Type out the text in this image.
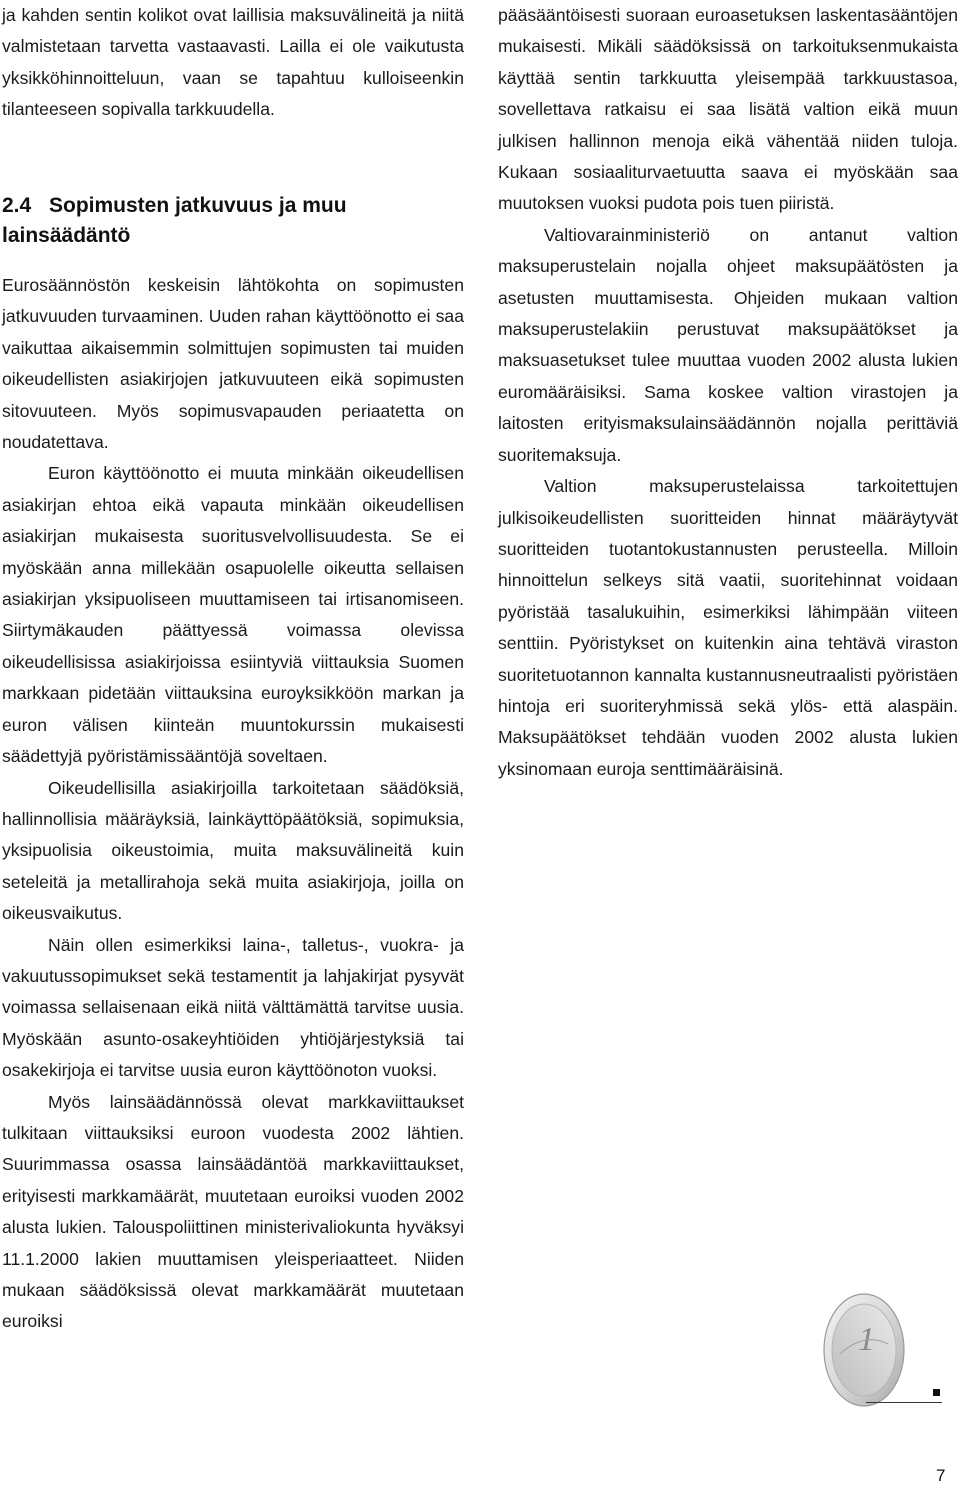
ja kahden sentin kolikot ovat laillisia maksuvälineitä ja niitä valmistetaan tarvetta vastaavasti. Lailla ei ole vaikutusta yksikköhinnoitteluun, vaan se tapahtuu kulloiseenkin tilanteeseen sopivalla tarkkuudella.

2.4 Sopimusten jatkuvuus ja muu lainsäädäntö

Eurosäännöstön keskeisin lähtökohta on sopimusten jatkuvuuden turvaaminen. Uuden rahan käyttöönotto ei saa vaikuttaa aikaisemmin solmittujen sopimusten tai muiden oikeudellisten asiakirjojen jatkuvuuteen eikä sopimusten sitovuuteen. Myös sopimusvapauden periaatetta on noudatettava.

Euron käyttöönotto ei muuta minkään oikeudellisen asiakirjan ehtoa eikä vapauta minkään oikeudellisen asiakirjan mukaisesta suoritusvelvollisuudesta. Se ei myöskään anna millekään osapuolelle oikeutta sellaisen asiakirjan yksipuoliseen muuttamiseen tai irtisanomiseen. Siirtymäkauden päättyessä voimassa olevissa oikeudellisissa asiakirjoissa esiintyviä viittauksia Suomen markkaan pidetään viittauksina euroyksikköön markan ja euron välisen kiinteän muuntokurssin mukaisesti säädettyjä pyöristämissääntöjä soveltaen.

Oikeudellisilla asiakirjoilla tarkoitetaan säädöksiä, hallinnollisia määräyksiä, lainkäyttöpäätöksiä, sopimuksia, yksipuolisia oikeustoimia, muita maksuvälineitä kuin seteleitä ja metallirahoja sekä muita asiakirjoja, joilla on oikeusvaikutus.

Näin ollen esimerkiksi laina-, talletus-, vuokra- ja vakuutussopimukset sekä testamentit ja lahjakirjat pysyvät voimassa sellaisenaan eikä niitä välttämättä tarvitse uusia. Myöskään asunto-osakeyhtiöiden yhtiöjärjestyksiä tai osakekirjoja ei tarvitse uusia euron käyttöönoton vuoksi.

Myös lainsäädännössä olevat markkaviittaukset tulkitaan viittauksiksi euroon vuodesta 2002 lähtien. Suurimmassa osassa lainsäädäntöä markkaviittaukset, erityisesti markkamäärät, muutetaan euroiksi vuoden 2002 alusta lukien. Talouspoliittinen ministerivaliokunta hyväksyi 11.1.2000 lakien muuttamisen yleisperiaatteet. Niiden mukaan säädöksissä olevat markkamäärät muutetaan euroiksi

pääsääntöisesti suoraan euroasetuksen laskentasääntöjen mukaisesti. Mikäli säädöksissä on tarkoituksenmukaista käyttää sentin tarkkuutta yleisempää tarkkuustasoa, sovellettava ratkaisu ei saa lisätä valtion eikä muun julkisen hallinnon menoja eikä vähentää niiden tuloja. Kukaan sosiaaliturvaetuutta saava ei myöskään saa muutoksen vuoksi pudota pois tuen piiristä.

Valtiovarainministeriö on antanut valtion maksuperustelain nojalla ohjeet maksupäätösten ja asetusten muuttamisesta. Ohjeiden mukaan valtion maksuperustelakiin perustuvat maksupäätökset ja maksuasetukset tulee muuttaa vuoden 2002 alusta lukien euromääräisiksi. Sama koskee valtion virastojen ja laitosten erityismaksulainsäädännön nojalla perittäviä suoritemaksuja.

Valtion maksuperustelaissa tarkoitettujen julkisoikeudellisten suoritteiden hinnat määräytyvät suoritteiden tuotantokustannusten perusteella. Milloin hinnoittelun selkeys sitä vaatii, suoritehinnat voidaan pyöristää tasalukuihin, esimerkiksi lähimpään viiteen senttiin. Pyöristykset on kuitenkin aina tehtävä viraston suoritetuotannon kannalta kustannusneutraalisti pyöristäen hintoja eri suoriteryhmissä sekä ylös- että alaspäin. Maksupäätökset tehdään vuoden 2002 alusta lukien yksinomaan euroja senttimääräisinä.

1
7
